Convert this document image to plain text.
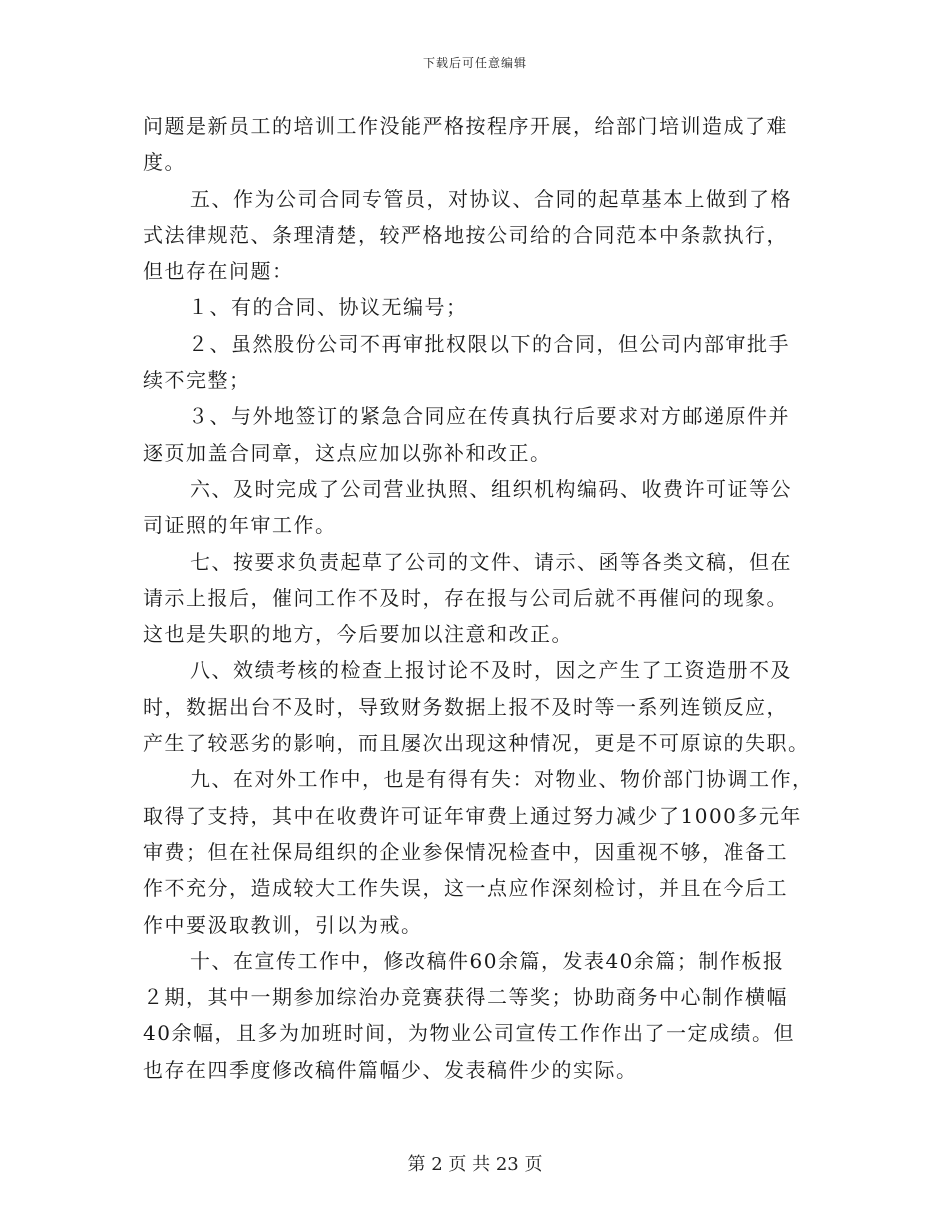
下载后可任意编辑
问题是新员工的培训工作没能严格按程序开展，给部门培训造成了难
度。
五、作为公司合同专管员，对协议、合同的起草基本上做到了格
式法律规范、条理清楚，较严格地按公司给的合同范本中条款执行，
但也存在问题：
１、有的合同、协议无编号；
２、虽然股份公司不再审批权限以下的合同，但公司内部审批手
续不完整；
３、与外地签订的紧急合同应在传真执行后要求对方邮递原件并
逐页加盖合同章，这点应加以弥补和改正。
六、及时完成了公司营业执照、组织机构编码、收费许可证等公
司证照的年审工作。
七、按要求负责起草了公司的文件、请示、函等各类文稿，但在
请示上报后，催问工作不及时，存在报与公司后就不再催问的现象。
这也是失职的地方，今后要加以注意和改正。
八、效绩考核的检查上报讨论不及时，因之产生了工资造册不及
时，数据出台不及时，导致财务数据上报不及时等一系列连锁反应，
产生了较恶劣的影响，而且屡次出现这种情况，更是不可原谅的失职。
九、在对外工作中，也是有得有失：对物业、物价部门协调工作，
取得了支持，其中在收费许可证年审费上通过努力减少了1000多元年
审费；但在社保局组织的企业参保情况检查中，因重视不够，准备工
作不充分，造成较大工作失误，这一点应作深刻检讨，并且在今后工
作中要汲取教训，引以为戒。
十、在宣传工作中，修改稿件60余篇，发表40余篇；制作板报
２期，其中一期参加综治办竞赛获得二等奖；协助商务中心制作横幅
40余幅，且多为加班时间，为物业公司宣传工作作出了一定成绩。但
也存在四季度修改稿件篇幅少、发表稿件少的实际。
第 2 页 共 23 页
